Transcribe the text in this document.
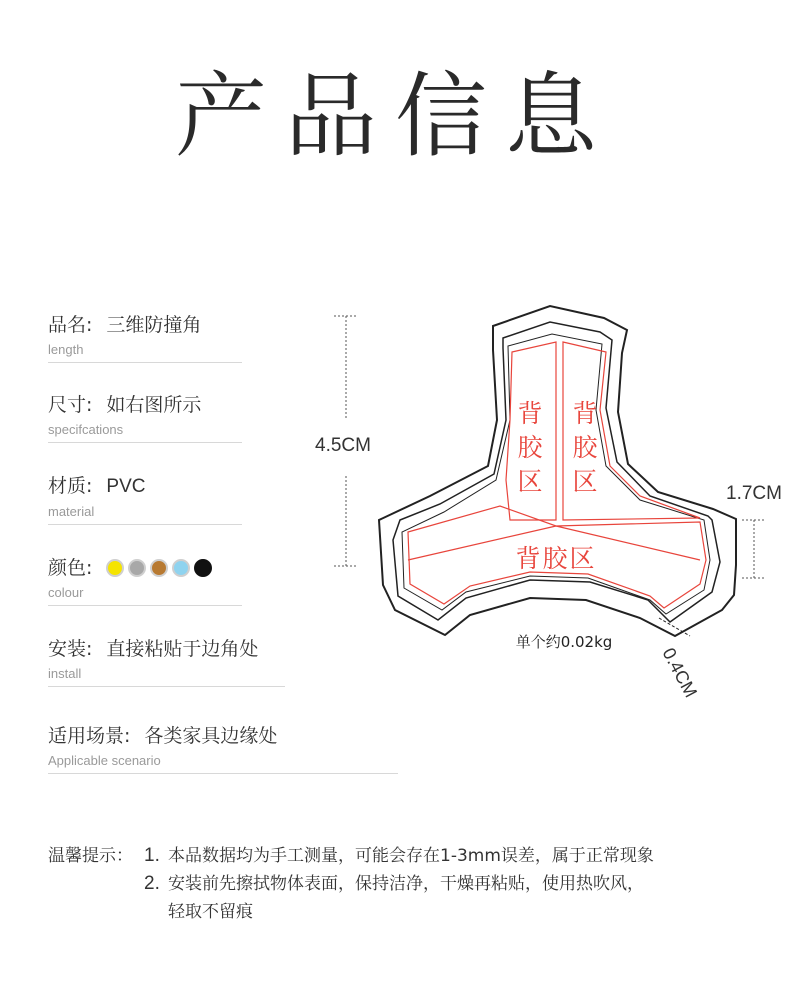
产品信息
品名: 三维防撞角
length
尺寸: 如右图所示
specifcations
材质: PVC
material
颜色:
colour
安装: 直接粘贴于边角处
install
适用场景: 各类家具边缘处
Applicable scenario
4.5CM
1.7CM
背
胶
区
背
胶
区
背胶区
单个约0.02kg
0.4CM
温馨提示： 1. 本品数据均为手工测量，可能会存在1-3mm误差，属于正常现象
2. 安装前先擦拭物体表面，保持洁净，干燥再粘贴，使用热吹风，
轻取不留痕
